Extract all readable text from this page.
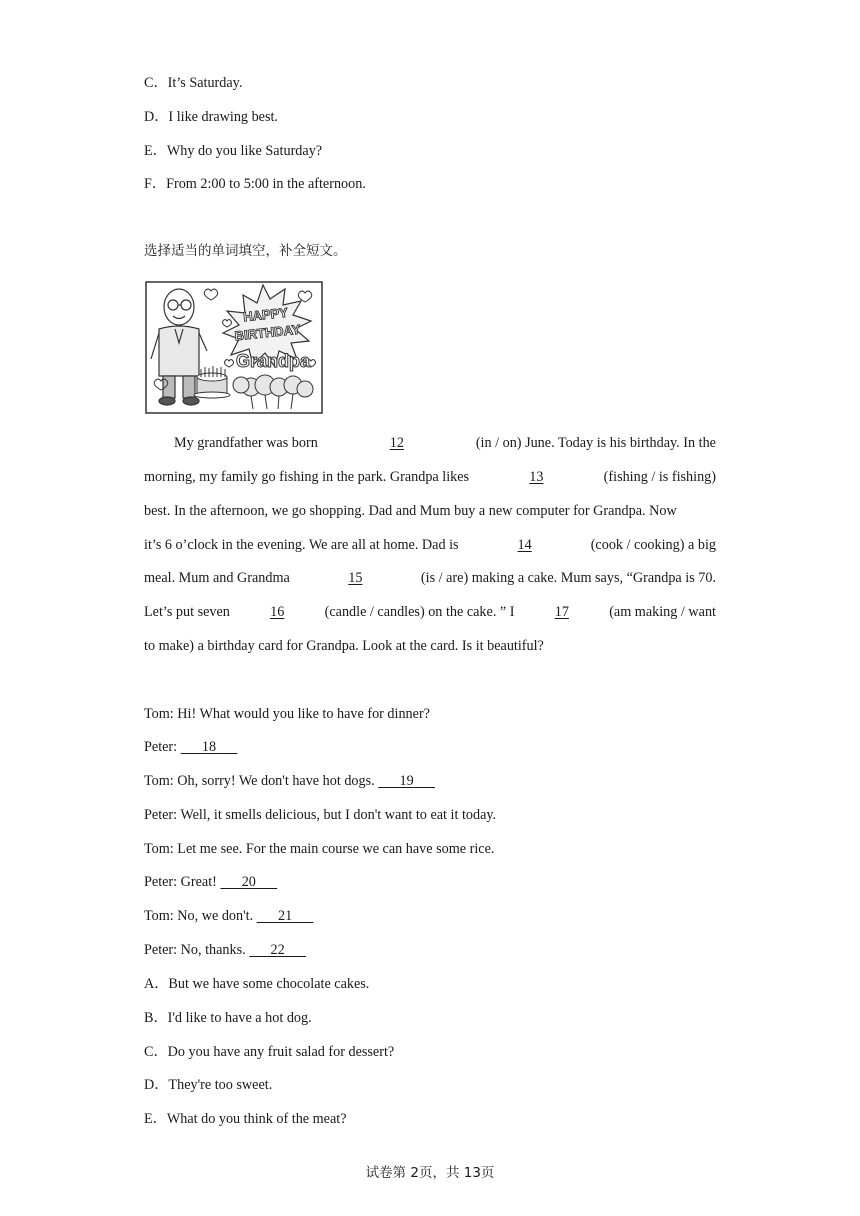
C．It’s Saturday.
D．I like drawing best.
E．Why do you like Saturday?
F．From 2:00 to 5:00 in the afternoon.
选择适当的单词填空，补全短文。
HAPPY
BIRTHDAY
Grandpa
My grandfather was born	12	(in / on) June. Today is his birthday. In the
morning, my family go fishing in the park. Grandpa likes	13	(fishing / is fishing)
best. In the afternoon, we go shopping. Dad and Mum buy a new computer for Grandpa. Now
it’s 6 o’clock in the evening. We are all at home. Dad is	14	(cook / cooking) a big
meal. Mum and Grandma	15	(is / are) making a cake. Mum says, “Grandpa is 70.
Let’s put seven	16	(candle / candles) on the cake. ” I	17	(am making / want
to make) a birthday card for Grandpa. Look at the card. Is it beautiful?
Tom: Hi! What would you like to have for dinner?
Peter: 18
Tom: Oh, sorry! We don't have hot dogs. 19
Peter: Well, it smells delicious, but I don't want to eat it today.
Tom: Let me see. For the main course we can have some rice.
Peter: Great! 20
Tom: No, we don't. 21
Peter: No, thanks. 22
A．But we have some chocolate cakes.
B．I'd like to have a hot dog.
C．Do you have any fruit salad for dessert?
D．They're too sweet.
E．What do you think of the meat?
试卷第 2页，共 13页
